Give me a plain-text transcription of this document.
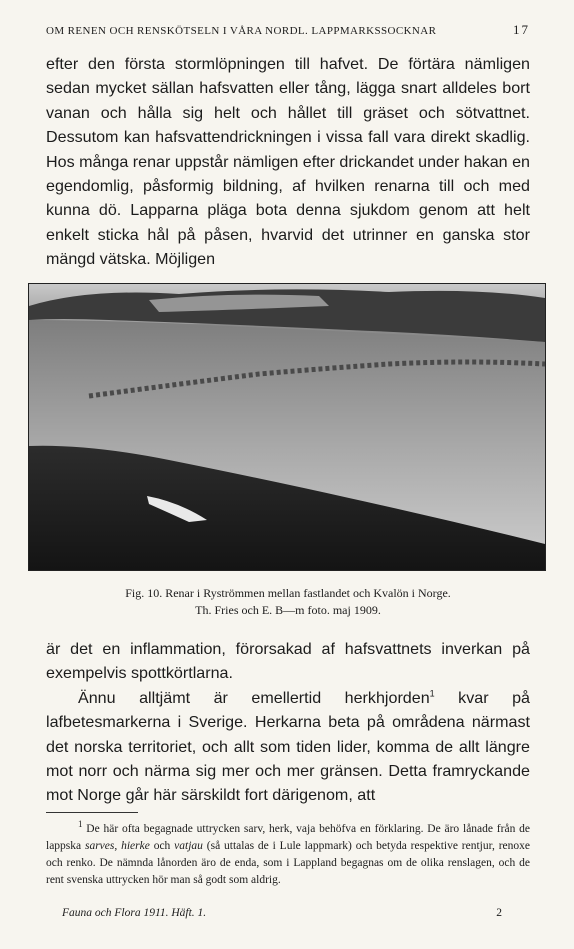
OM RENEN OCH RENSKÖTSELN I VÅRA NORDL. LAPPMARKSSOCKNAR	17

efter den första stormlöpningen till hafvet. De förtära nämligen sedan mycket sällan hafsvatten eller tång, lägga snart alldeles bort vanan och hålla sig helt och hållet till gräset och sötvattnet. Dessutom kan hafsvattendrickningen i vissa fall vara direkt skadlig. Hos många renar uppstår nämligen efter drickandet under hakan en egendomlig, påsformig bildning, af hvilken renarna till och med kunna dö. Lapparna pläga bota denna sjukdom genom att helt enkelt sticka hål på påsen, hvarvid det utrinner en ganska stor mängd vätska. Möjligen

Fig. 10. Renar i Ryströmmen mellan fastlandet och Kvalön i Norge.
Th. Fries och E. B—m foto. maj 1909.

är det en inflammation, förorsakad af hafsvattnets inverkan på exempelvis spottkörtlarna.

Ännu alltjämt är emellertid herkhjorden$^1$ kvar på lafbetesmarkerna i Sverige. Herkarna beta på områdena närmast det norska territoriet, och allt som tiden lider, komma de allt längre mot norr och närma sig mer och mer gränsen. Detta framryckande mot Norge går här särskildt fort därigenom, att

$^1$ De här ofta begagnade uttrycken sarv, herk, vaja behöfva en förklaring. De äro lånade från de lappska sarves, hierke och vatjau (så uttalas de i Lule lappmark) och betyda respektive rentjur, renoxe och renko. De nämnda lånorden äro de enda, som i Lappland begagnas om de olika renslagen, och de rent svenska uttrycken hör man så godt som aldrig.

Fauna och Flora 1911. Häft. 1.	2
